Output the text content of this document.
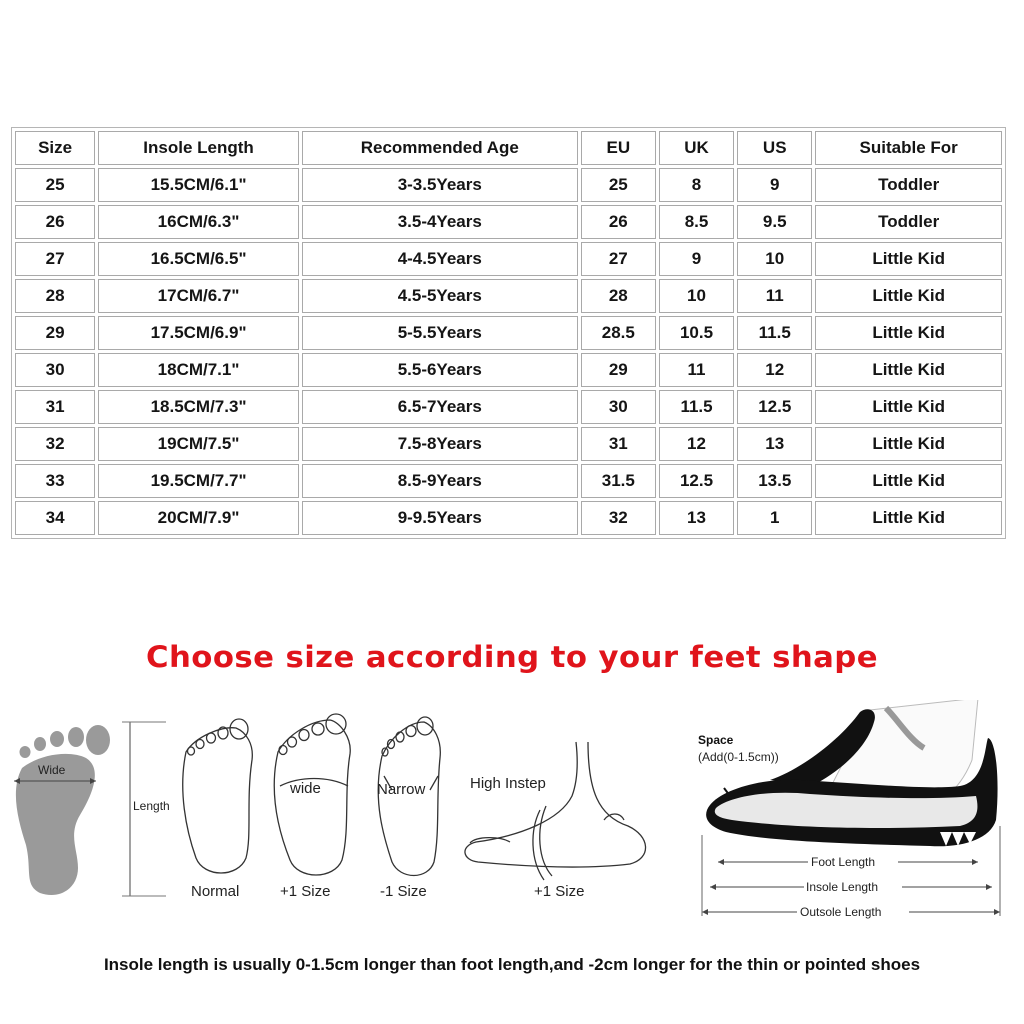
Size	Insole Length	Recommended Age	EU	UK	US	Suitable For
25	15.5CM/6.1"	3-3.5Years	25	8	9	Toddler
26	16CM/6.3"	3.5-4Years	26	8.5	9.5	Toddler
27	16.5CM/6.5"	4-4.5Years	27	9	10	Little Kid
28	17CM/6.7"	4.5-5Years	28	10	11	Little Kid
29	17.5CM/6.9"	5-5.5Years	28.5	10.5	11.5	Little Kid
30	18CM/7.1"	5.5-6Years	29	11	12	Little Kid
31	18.5CM/7.3"	6.5-7Years	30	11.5	12.5	Little Kid
32	19CM/7.5"	7.5-8Years	31	12	13	Little Kid
33	19.5CM/7.7"	8.5-9Years	31.5	12.5	13.5	Little Kid
34	20CM/7.9"	9-9.5Years	32	13	1	Little Kid
Choose size according to your feet shape
Wide
Length
Normal
wide
+1 Size
Narrow
-1 Size
High Instep
+1 Size
Space
(Add(0-1.5cm))
Foot Length
Insole Length
Outsole Length
Insole length is usually 0-1.5cm longer than foot length,and -2cm longer for the thin or pointed shoes
